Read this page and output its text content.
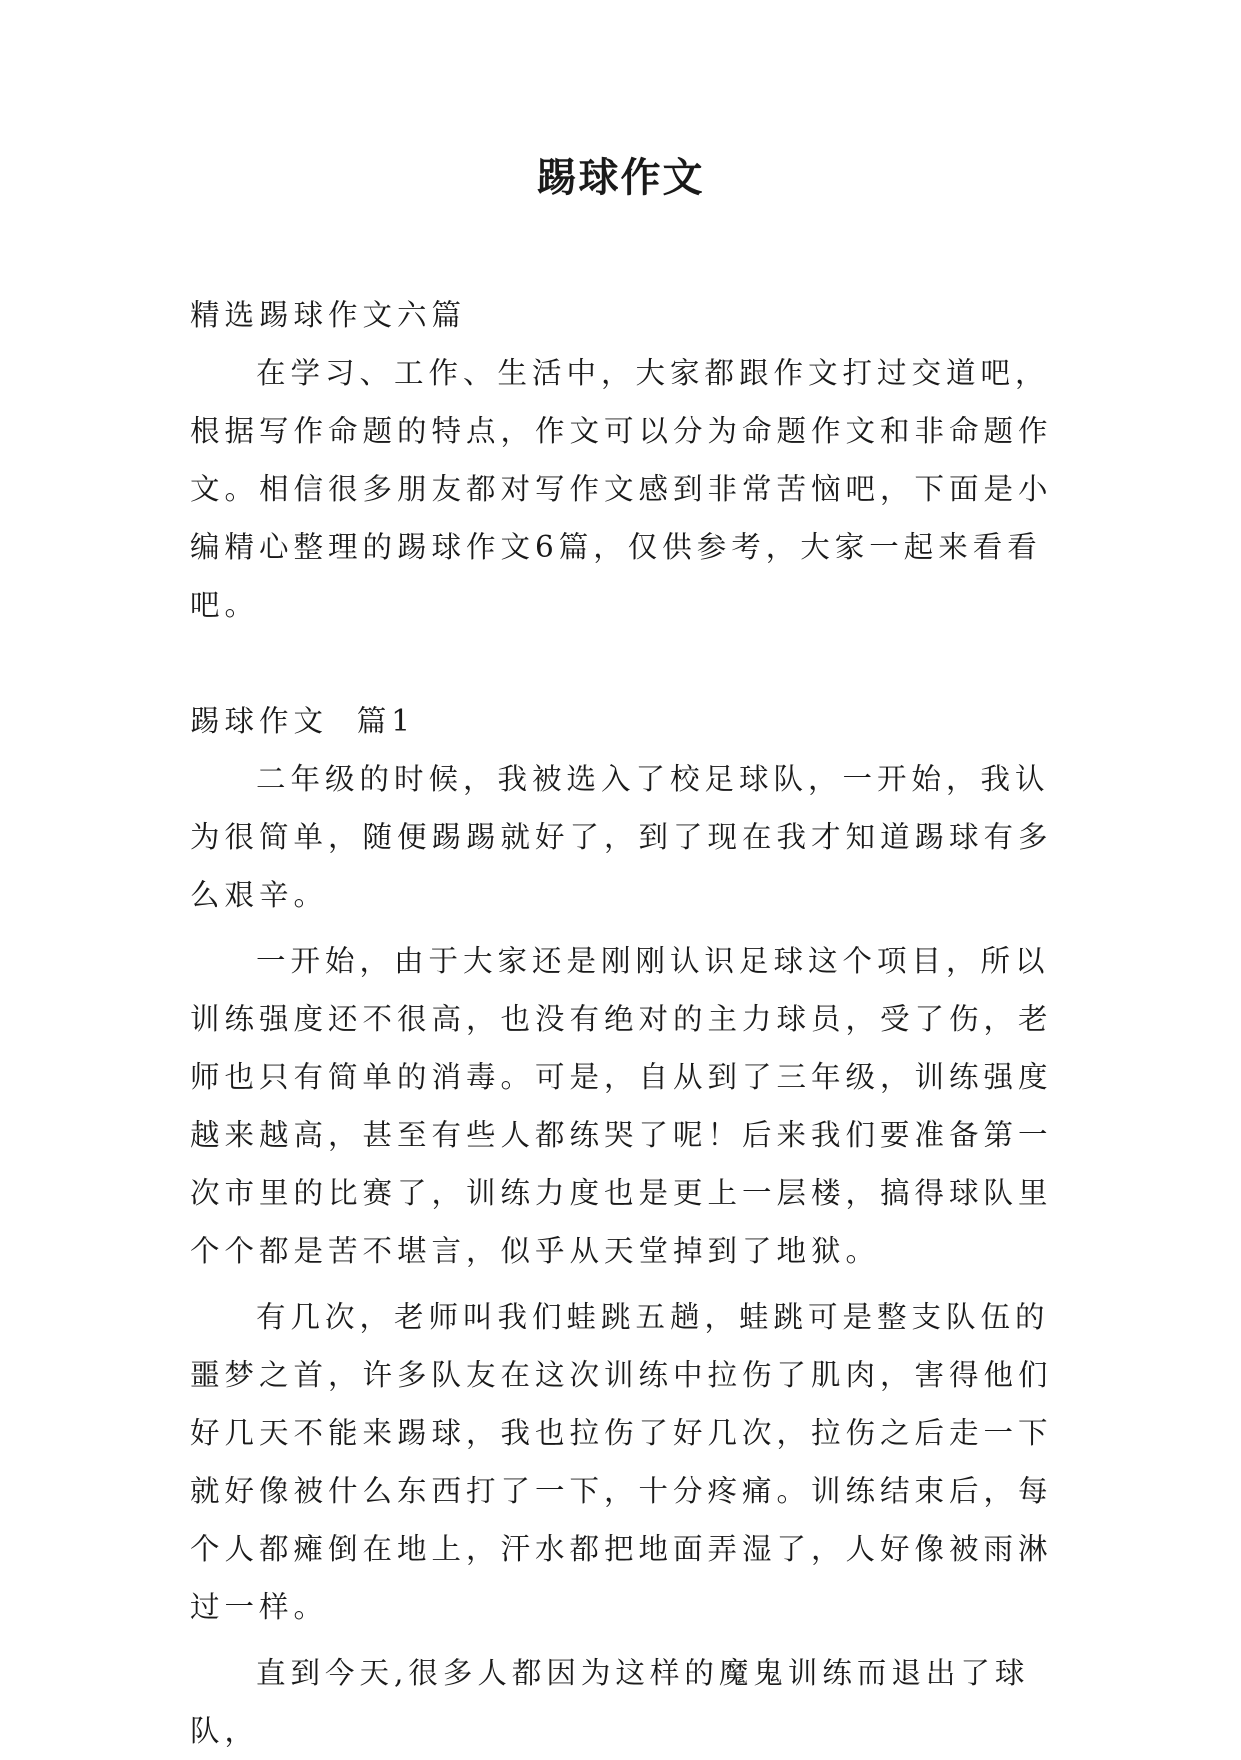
踢球作文

精选踢球作文六篇

在学习、工作、生活中，大家都跟作文打过交道吧，根据写作命题的特点，作文可以分为命题作文和非命题作文。相信很多朋友都对写作文感到非常苦恼吧，下面是小编精心整理的踢球作文6篇，仅供参考，大家一起来看看吧。

踢球作文  篇1

二年级的时候，我被选入了校足球队，一开始，我认为很简单，随便踢踢就好了，到了现在我才知道踢球有多么艰辛。

一开始，由于大家还是刚刚认识足球这个项目，所以训练强度还不很高，也没有绝对的主力球员，受了伤，老师也只有简单的消毒。可是，自从到了三年级，训练强度越来越高，甚至有些人都练哭了呢！后来我们要准备第一次市里的比赛了，训练力度也是更上一层楼，搞得球队里个个都是苦不堪言，似乎从天堂掉到了地狱。

有几次，老师叫我们蛙跳五趟，蛙跳可是整支队伍的噩梦之首，许多队友在这次训练中拉伤了肌肉，害得他们好几天不能来踢球，我也拉伤了好几次，拉伤之后走一下就好像被什么东西打了一下，十分疼痛。训练结束后，每个人都瘫倒在地上，汗水都把地面弄湿了，人好像被雨淋过一样。

直到今天,很多人都因为这样的魔鬼训练而退出了球队，
